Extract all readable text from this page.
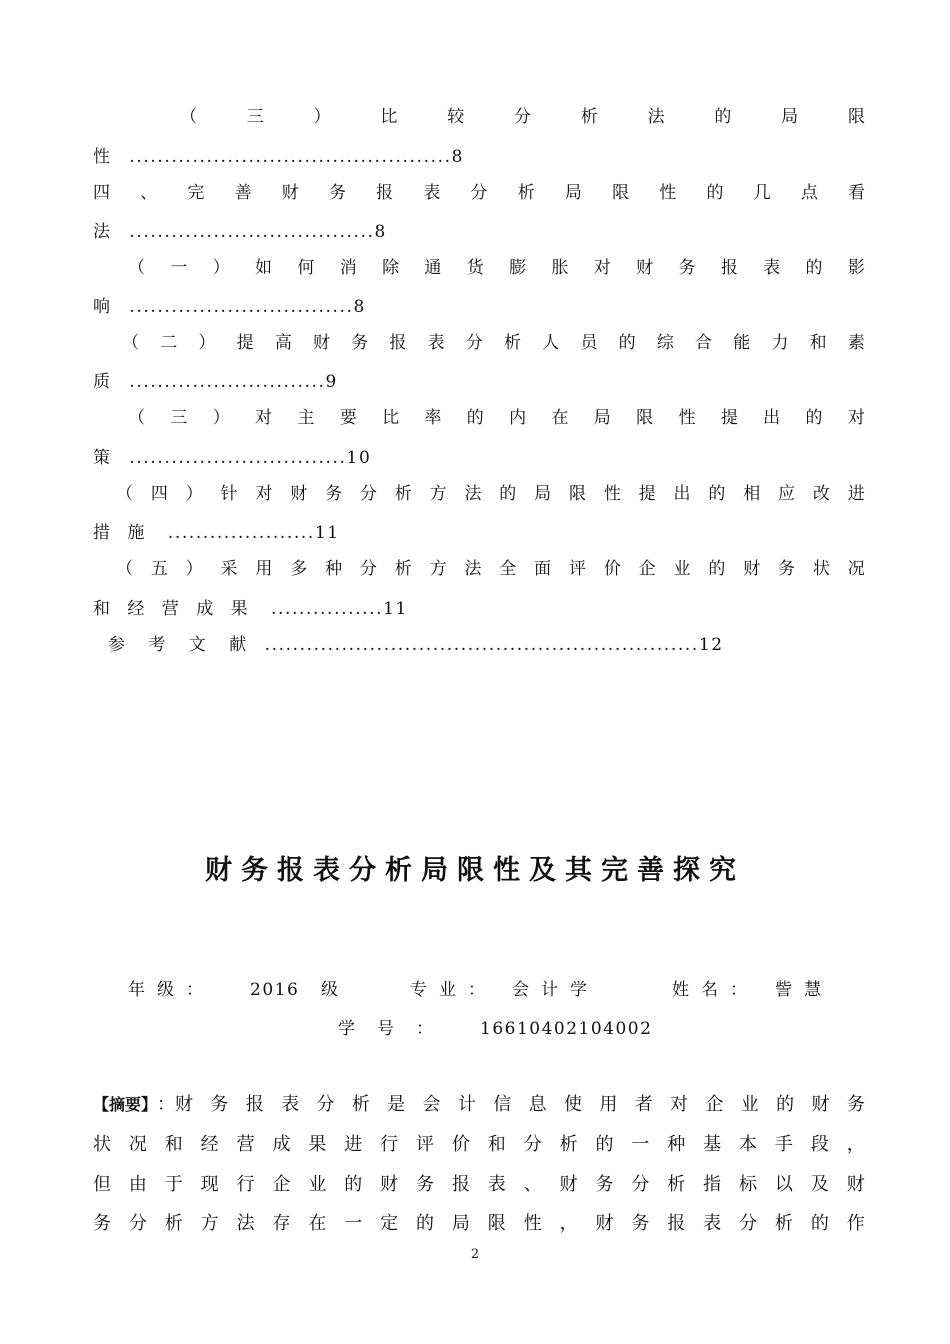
（	三	）	比	较	分	析	法	的	局	限
性 ..............................................8
四 、 完 善 财 务 报 表 分 析 局 限 性 的 几 点 看
法 ...................................8
（ 一 ） 如 何 消 除 通 货 膨 胀 对 财 务 报 表 的 影
响 ................................8
（ 二 ） 提 高 财 务 报 表 分 析 人 员 的 综 合 能 力 和 素
质 ............................9
（ 三 ） 对 主 要 比 率 的 内 在 局 限 性 提 出 的 对
策 ...............................10
（ 四 ） 针 对 财 务 分 析 方 法 的 局 限 性 提 出 的 相 应 改 进
措 施 .....................11
（ 五 ） 采 用 多 种 分 析 方 法 全 面 评 价 企 业 的 财 务 状 况
和 经 营 成 果 ................11
参 考 文 献 ..............................................................12
财务报表分析局限性及其完善探究
年级： 2016 级	专业： 会计学	姓名： 訾慧
学号： 16610402104002
【摘要】 ：财 务 报 表 分 析 是 会 计 信 息 使 用 者 对 企 业 的 财 务
状 况 和 经 营 成 果 进 行 评 价 和 分 析 的 一 种 基 本 手 段 ，
但 由 于 现 行 企 业 的 财 务 报 表 、 财 务 分 析 指 标 以 及 财
务 分 析 方 法 存 在 一 定 的 局 限 性 ， 财 务 报 表 分 析 的 作
2
